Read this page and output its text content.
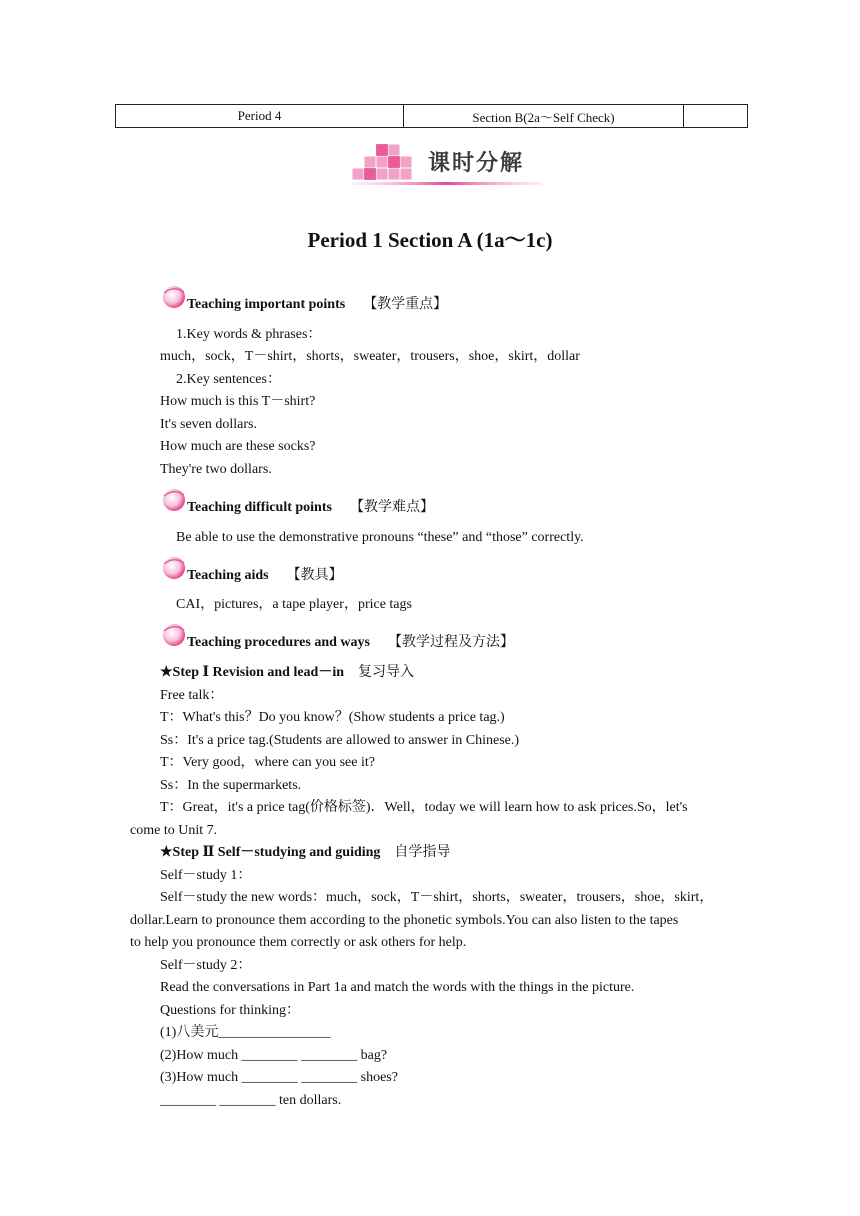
Period 4	Section B(2a～Self Check)	
课时分解
Period 1 Section A (1a～1c)
Teaching important points 【教学重点】
1.Key words & phrases：
much，sock，T－shirt，shorts，sweater，trousers，shoe，skirt，dollar
2.Key sentences：
How much is this T－shirt?
It's seven dollars.
How much are these socks?
They're two dollars.
Teaching difficult points 【教学难点】
Be able to use the demonstrative pronouns “these” and “those” correctly.
Teaching aids 【教具】
CAI，pictures，a tape player，price tags
Teaching procedures and ways 【教学过程及方法】
★Step Ⅰ Revision and lead－in 复习导入
Free talk：
T：What's this？Do you know？(Show students a price tag.)
Ss：It's a price tag.(Students are allowed to answer in Chinese.)
T：Very good，where can you see it?
Ss：In the supermarkets.
T：Great，it's a price tag(价格标签)．Well，today we will learn how to ask prices.So，let's
come to Unit 7.
★Step Ⅱ Self－studying and guiding 自学指导
Self－study 1：
Self－study the new words：much，sock，T－shirt，shorts，sweater，trousers，shoe，skirt，
dollar.Learn to pronounce them according to the phonetic symbols.You can also listen to the tapes
to help you pronounce them correctly or ask others for help.
Self－study 2：
Read the conversations in Part 1a and match the words with the things in the picture.
Questions for thinking：
(1)八美元________________
(2)How much ________ ________ bag?
(3)How much ________ ________ shoes?
________ ________ ten dollars.
